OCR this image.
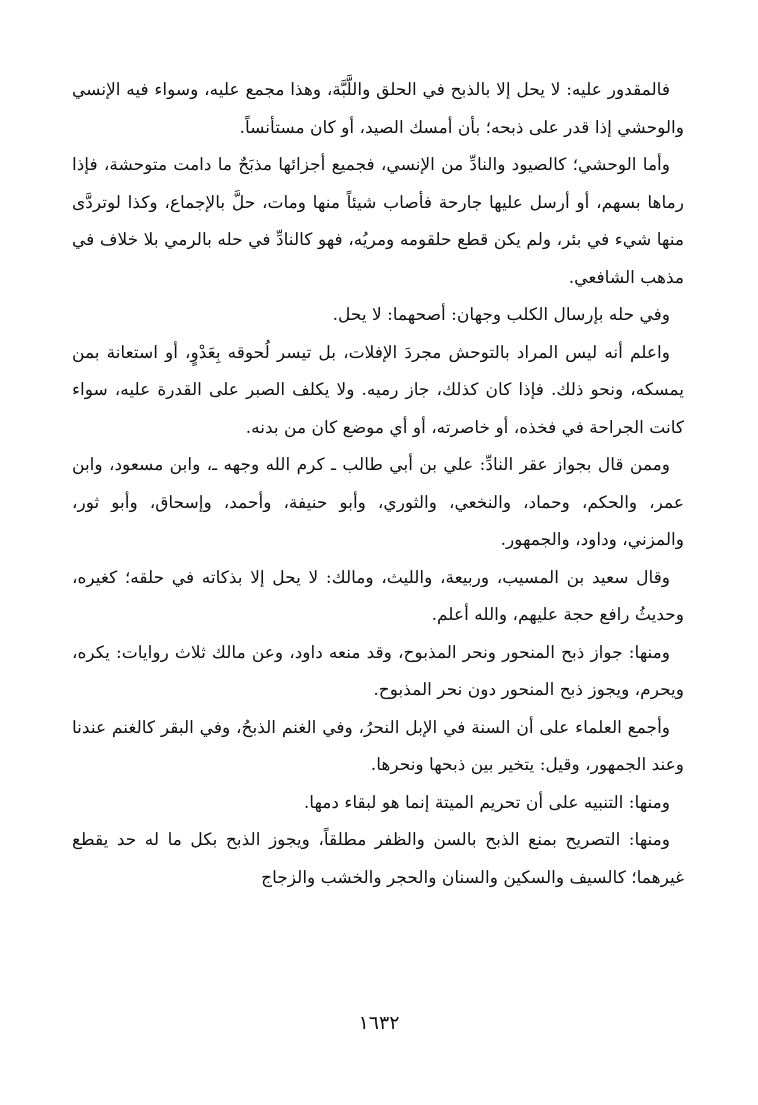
فالمقدور عليه: لا يحل إلا بالذبح في الحلق واللَّبَّة، وهذا مجمع عليه، وسواء فيه الإنسي والوحشي إذا قدر على ذبحه؛ بأن أمسك الصيد، أو كان مستأنساً.

وأما الوحشي؛ كالصيود والنادِّ من الإنسي، فجميع أجزائها مذبَحٌ ما دامت متوحشة، فإذا رماها بسهم، أو أرسل عليها جارحة فأصاب شيئاً منها ومات، حلَّ بالإجماع، وكذا لوتردَّى منها شيء في بئر، ولم يكن قطع حلقومه ومريُه، فهو كالنادِّ في حله بالرمي بلا خلاف في مذهب الشافعي.

وفي حله بإرسال الكلب وجهان: أصحهما: لا يحل.

واعلم أنه ليس المراد بالتوحش مجردَ الإفلات، بل تيسر لُحوقه بِعَدْوٍ، أو استعانة بمن يمسكه، ونحو ذلك. فإذا كان كذلك، جاز رميه. ولا يكلف الصبر على القدرة عليه، سواء كانت الجراحة في فخذه، أو خاصرته، أو أي موضع كان من بدنه.

وممن قال بجواز عقر النادِّ: علي بن أبي طالب ـ كرم الله وجهه ـ، وابن مسعود، وابن عمر، والحكم، وحماد، والنخعي، والثوري، وأبو حنيفة، وأحمد، وإسحاق، وأبو ثور، والمزني، وداود، والجمهور.

وقال سعيد بن المسيب، وربيعة، والليث، ومالك: لا يحل إلا بذكاته في حلقه؛ كغيره، وحديثُ رافع حجة عليهم، والله أعلم.

ومنها: جواز ذبح المنحور ونحر المذبوح، وقد منعه داود، وعن مالك ثلاث روايات: يكره، ويحرم، ويجوز ذبح المنحور دون نحر المذبوح.

وأجمع العلماء على أن السنة في الإبل النحرُ، وفي الغنم الذبحُ، وفي البقر كالغنم عندنا وعند الجمهور، وقيل: يتخير بين ذبحها ونحرها.

ومنها: التنبيه على أن تحريم الميتة إنما هو لبقاء دمها.

ومنها: التصريح بمنع الذبح بالسن والظفر مطلقاً، ويجوز الذبح بكل ما له حد يقطع غيرهما؛ كالسيف والسكين والسنان والحجر والخشب والزجاج

١٦٣٢
